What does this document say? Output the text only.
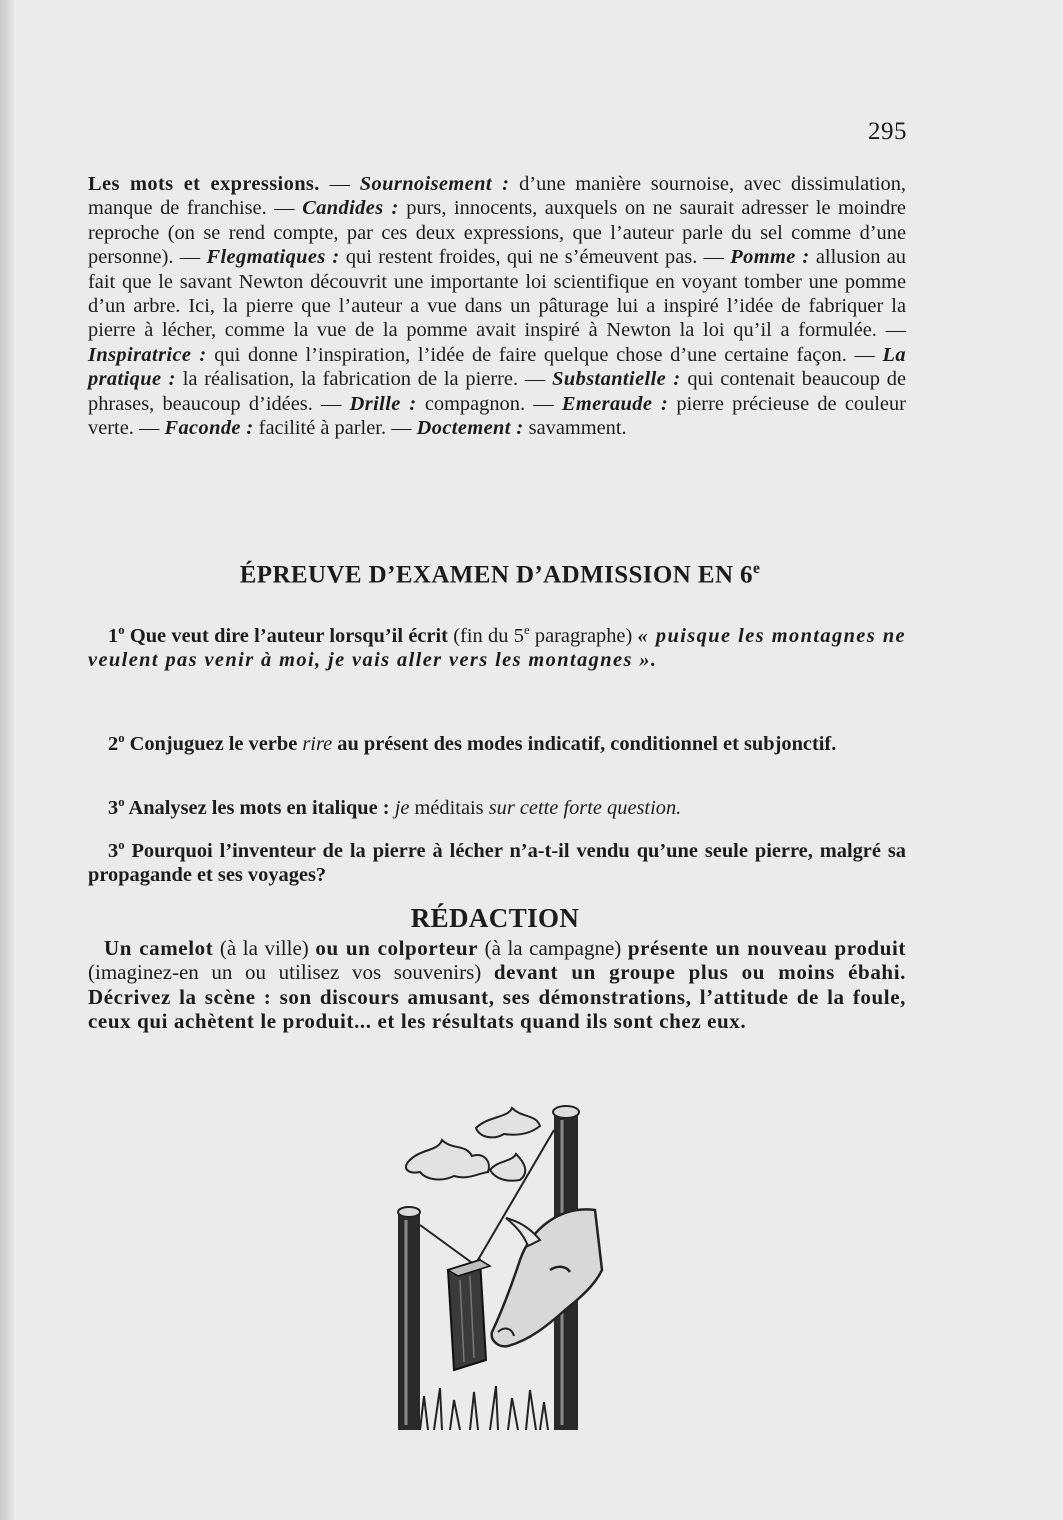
295
Les mots et expressions. — Sournoisement : d’une manière sournoise, avec dissimulation, manque de franchise. — Candides : purs, innocents, auxquels on ne saurait adresser le moindre reproche (on se rend compte, par ces deux expressions, que l’auteur parle du sel comme d’une personne). — Flegmatiques : qui restent froides, qui ne s’émeuvent pas. — Pomme : allusion au fait que le savant Newton découvrit une importante loi scientifique en voyant tomber une pomme d’un arbre. Ici, la pierre que l’auteur a vue dans un pâturage lui a inspiré l’idée de fabriquer la pierre à lécher, comme la vue de la pomme avait inspiré à Newton la loi qu’il a formulée. — Inspiratrice : qui donne l’inspiration, l’idée de faire quelque chose d’une certaine façon. — La pratique : la réalisation, la fabrication de la pierre. — Substantielle : qui contenait beaucoup de phrases, beaucoup d’idées. — Drille : compagnon. — Emeraude : pierre précieuse de couleur verte. — Faconde : facilité à parler. — Doctement : savamment.
ÉPREUVE D’EXAMEN D’ADMISSION EN 6e
1$^o$ Que veut dire l’auteur lorsqu’il écrit (fin du 5e paragraphe) « puisque les montagnes ne veulent pas venir à moi, je vais aller vers les montagnes ».
2$^o$ Conjuguez le verbe rire au présent des modes indicatif, conditionnel et subjonctif.
3$^o$ Analysez les mots en italique : je méditais sur cette forte question.
3$^o$ Pourquoi l’inventeur de la pierre à lécher n’a-t-il vendu qu’une seule pierre, malgré sa propagande et ses voyages?
RÉDACTION
Un camelot (à la ville) ou un colporteur (à la campagne) présente un nouveau produit (imaginez-en un ou utilisez vos souvenirs) devant un groupe plus ou moins ébahi. Décrivez la scène : son discours amusant, ses démonstrations, l’attitude de la foule, ceux qui achètent le produit... et les résultats quand ils sont chez eux.
